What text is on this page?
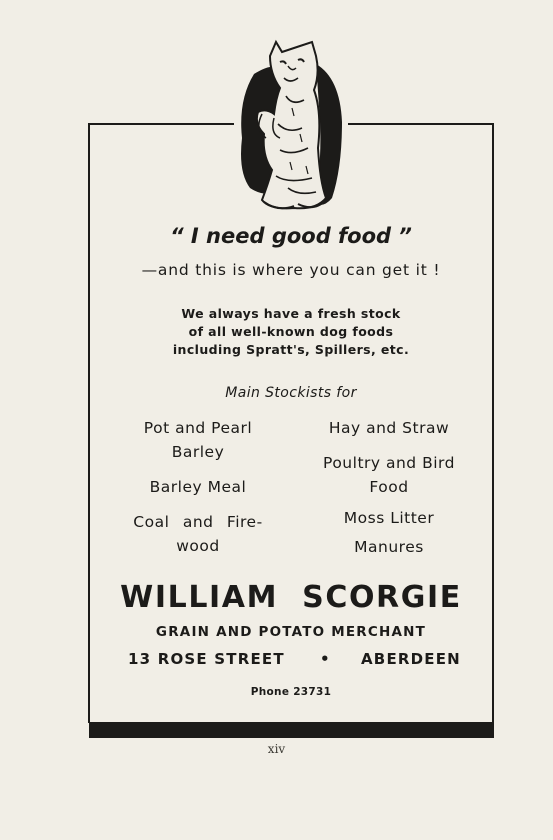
“ I need good food ”
—and this is where you can get it !
We always have a fresh stock
of all well-known dog foods
including Spratt's, Spillers, etc.
Main Stockists for
Pot and Pearl Barley
Barley Meal
Coal and Fire-wood
Hay and Straw
Poultry and Bird Food
Moss Litter
Manures
WILLIAM SCORGIE
GRAIN AND POTATO MERCHANT
13 ROSE STREET • ABERDEEN
Phone 23731
xiv
